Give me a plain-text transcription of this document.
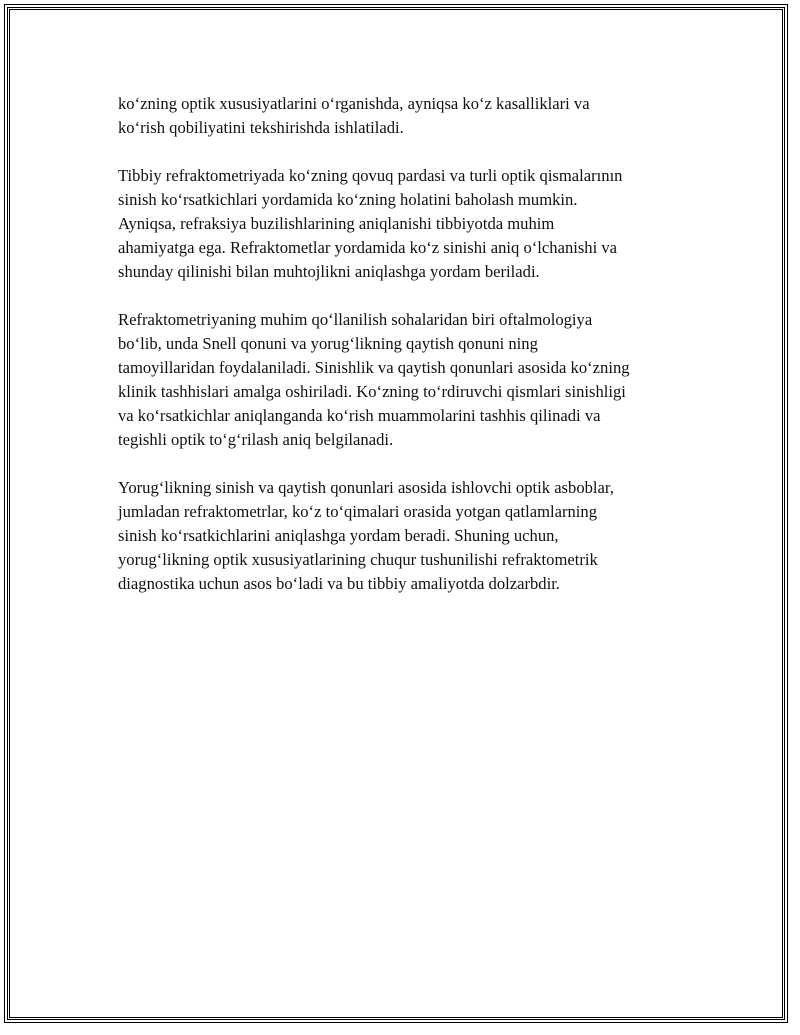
ko‘zning optik xususiyatlarini o‘rganishda, ayniqsa ko‘z kasalliklari va
ko‘rish qobiliyatini tekshirishda ishlatiladi.

Tibbiy refraktometriyada ko‘zning qovuq pardasi va turli optik qismalarının
sinish ko‘rsatkichlari yordamida ko‘zning holatini baholash mumkin.
Ayniqsa, refraksiya buzilishlarining aniqlanishi tibbiyotda muhim
ahamiyatga ega. Refraktometlar yordamida ko‘z sinishi aniq o‘lchanishi va
shunday qilinishi bilan muhtojlikni aniqlashga yordam beriladi.

Refraktometriyaning muhim qo‘llanilish sohalaridan biri oftalmologiya
bo‘lib, unda Snell qonuni va yorug‘likning qaytish qonuni ning
tamoyillaridan foydalaniladi. Sinishlik va qaytish qonunlari asosida ko‘zning
klinik tashhislari amalga oshiriladi. Ko‘zning to‘rdiruvchi qismlari sinishligi
va ko‘rsatkichlar aniqlanganda ko‘rish muammolarini tashhis qilinadi va
tegishli optik to‘g‘rilash aniq belgilanadi.

Yorug‘likning sinish va qaytish qonunlari asosida ishlovchi optik asboblar,
jumladan refraktometrlar, ko‘z to‘qimalari orasida yotgan qatlamlarning
sinish ko‘rsatkichlarini aniqlashga yordam beradi. Shuning uchun,
yorug‘likning optik xususiyatlarining chuqur tushunilishi refraktometrik
diagnostika uchun asos bo‘ladi va bu tibbiy amaliyotda dolzarbdir.
